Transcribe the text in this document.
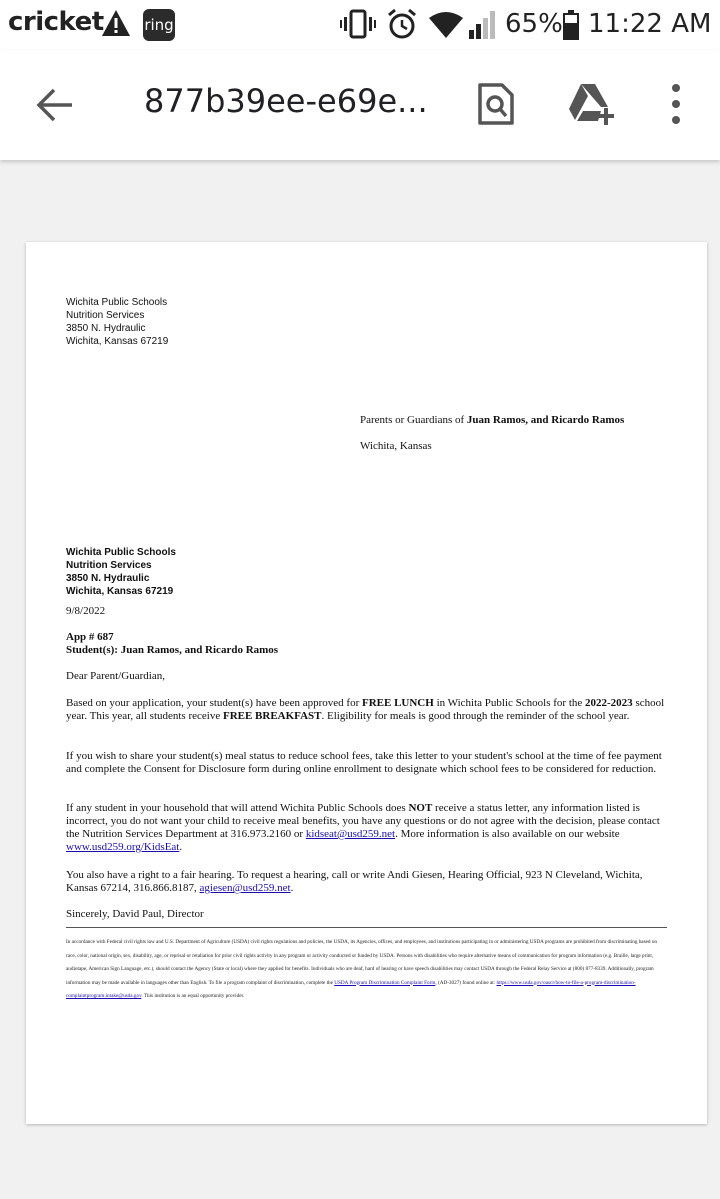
cricket	ring	65% 11:22 AM
877b39ee-e69e...
Wichita Public Schools
Nutrition Services
3850 N. Hydraulic
Wichita, Kansas 67219
Parents or Guardians of Juan Ramos, and Ricardo Ramos
Wichita, Kansas
Wichita Public Schools
Nutrition Services
3850 N. Hydraulic
Wichita, Kansas 67219
9/8/2022
App # 687
Student(s): Juan Ramos, and Ricardo Ramos
Dear Parent/Guardian,
Based on your application, your student(s) have been approved for FREE LUNCH in Wichita Public Schools for the 2022-2023 school year. This year, all students receive FREE BREAKFAST. Eligibility for meals is good through the reminder of the school year.
If you wish to share your student(s) meal status to reduce school fees, take this letter to your student's school at the time of fee payment and complete the Consent for Disclosure form during online enrollment to designate which school fees to be considered for reduction.
If any student in your household that will attend Wichita Public Schools does NOT receive a status letter, any information listed is incorrect, you do not want your child to receive meal benefits, you have any questions or do not agree with the decision, please contact the Nutrition Services Department at 316.973.2160 or kidseat@usd259.net. More information is also available on our website www.usd259.org/KidsEat.
You also have a right to a fair hearing. To request a hearing, call or write Andi Giesen, Hearing Official, 923 N Cleveland, Wichita, Kansas 67214, 316.866.8187, agiesen@usd259.net.
Sincerely, David Paul, Director
In accordance with Federal civil rights law and U.S. Department of Agriculture (USDA) civil rights regulations and policies, the USDA, its Agencies, offices, and employees, and institutions participating in or administering USDA programs are prohibited from discriminating based on race, color, national origin, sex, disability, age, or reprisal or retaliation for prior civil rights activity in any program or activity conducted or funded by USDA. Persons with disabilities who require alternative means of communication for program information (e.g. Braille, large print, audiotape, American Sign Language, etc.), should contact the Agency (State or local) where they applied for benefits. Individuals who are deaf, hard of hearing or have speech disabilities may contact USDA through the Federal Relay Service at (800) 877-8339. Additionally, program information may be made available in languages other than English. To file a program complaint of discrimination, complete the USDA Program Discrimination Complaint Form, (AD-3027) found online at: https://www.usda.gov/oascr/how-to-file-a-program-discrimination-complaintprogram.intake@usda.gov. This institution is an equal opportunity provider.
